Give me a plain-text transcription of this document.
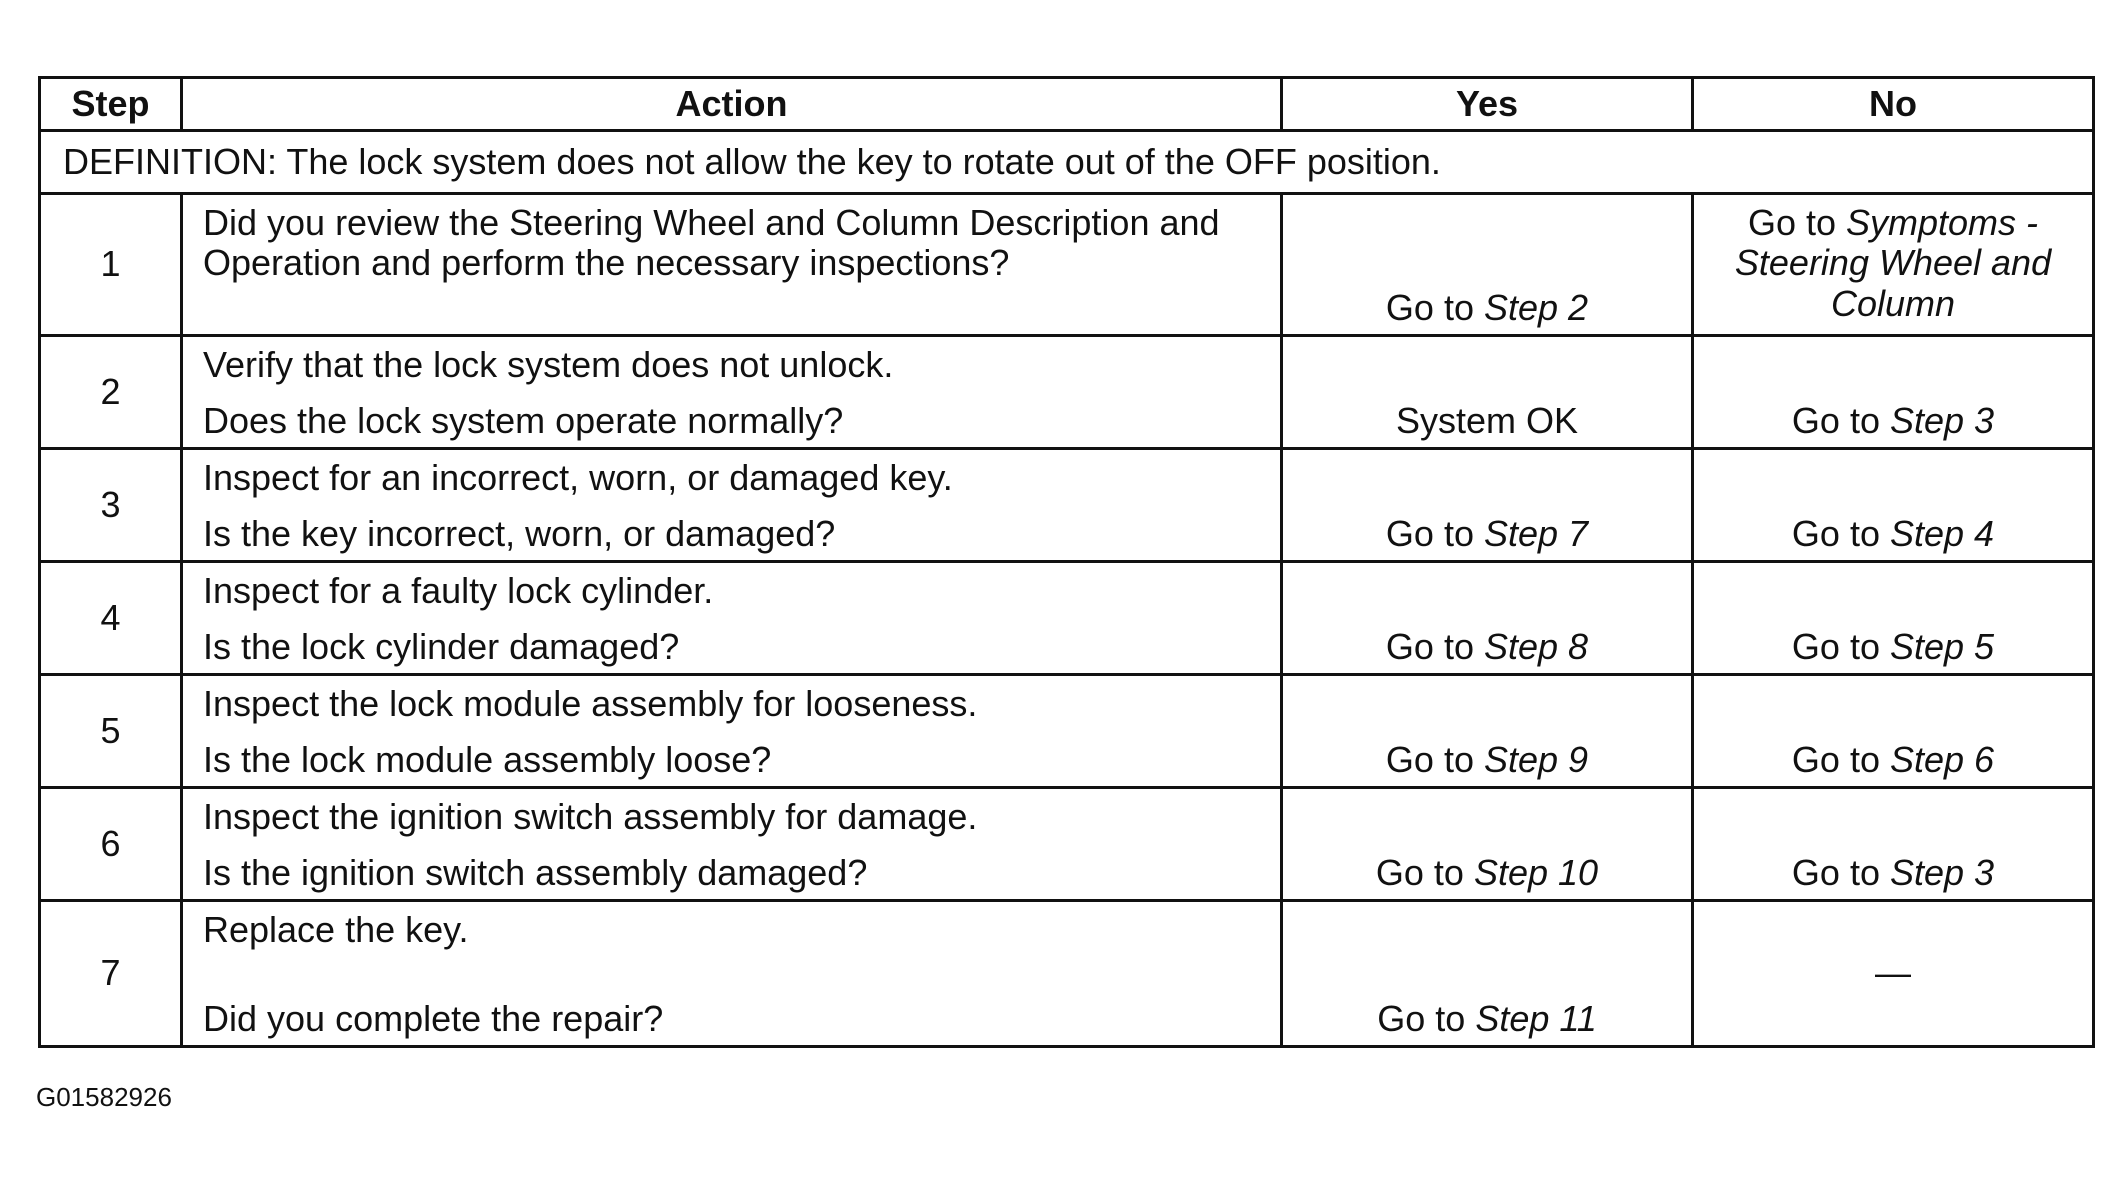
Step	Action	Yes	No
DEFINITION: The lock system does not allow the key to rotate out of the OFF position.			
1	Did you review the Steering Wheel and Column Description and
Operation and perform the necessary inspections?	Go to Step 2	Go to Symptoms -
Steering Wheel and
Column
2	Verify that the lock system does not unlock.
Does the lock system operate normally?	System OK	Go to Step 3
3	Inspect for an incorrect, worn, or damaged key.
Is the key incorrect, worn, or damaged?	Go to Step 7	Go to Step 4
4	Inspect for a faulty lock cylinder.
Is the lock cylinder damaged?	Go to Step 8	Go to Step 5
5	Inspect the lock module assembly for looseness.
Is the lock module assembly loose?	Go to Step 9	Go to Step 6
6	Inspect the ignition switch assembly for damage.
Is the ignition switch assembly damaged?	Go to Step 10	Go to Step 3
7	Replace the key.
Did you complete the repair?	Go to Step 11	—
G01582926
